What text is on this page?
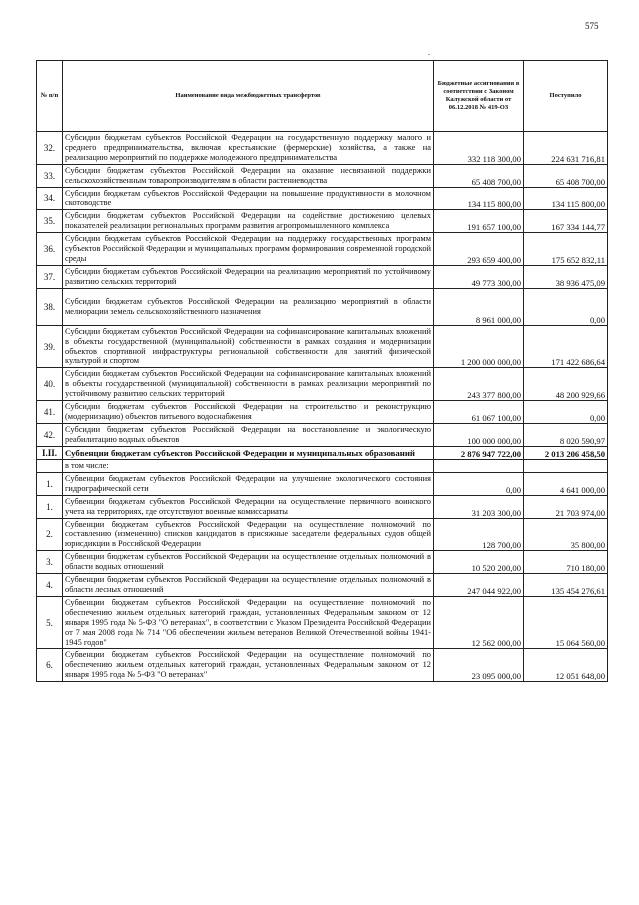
575
.
№ п/п	Наименование вида межбюджетных трансфертов	Бюджетные ассигнования в соответствии с Законом Калужской области от 06.12.2018 № 419-ОЗ	Поступило
32.	Субсидии бюджетам субъектов Российской Федерации на государственную поддержку малого и среднего предпринимательства, включая крестьянские (фермерские) хозяйства, а также на реализацию мероприятий по поддержке молодежного предпринимательства	332 118 300,00	224 631 716,81
33.	Субсидии бюджетам субъектов Российской Федерации на оказание несвязанной поддержки сельскохозяйственным товаропроизводителям в области растениеводства	65 408 700,00	65 408 700,00
34.	Субсидии бюджетам субъектов Российской Федерации на повышение продуктивности в молочном скотоводстве	134 115 800,00	134 115 800,00
35.	Субсидии бюджетам субъектов Российской Федерации на содействие достижению целевых показателей реализации региональных программ развития агропромышленного комплекса	191 657 100,00	167 334 144,77
36.	Субсидии бюджетам субъектов Российской Федерации на поддержку государственных программ субъектов Российской Федерации и муниципальных программ формирования современной городской среды	293 659 400,00	175 652 832,11
37.	Субсидии бюджетам субъектов Российской Федерации на реализацию мероприятий по устойчивому развитию сельских территорий	49 773 300,00	38 936 475,09
38.	Субсидии бюджетам субъектов Российской Федерации на реализацию мероприятий в области мелиорации земель сельскохозяйственного назначения	8 961 000,00	0,00
39.	Субсидии бюджетам субъектов Российской Федерации на софинансирование капитальных вложений в объекты государственной (муниципальной) собственности в рамках создания и модернизации объектов спортивной инфраструктуры региональной собственности для занятий физической культурой и спортом	1 200 000 000,00	171 422 686,64
40.	Субсидии бюджетам субъектов Российской Федерации на софинансирование капитальных вложений в объекты государственной (муниципальной) собственности в рамках реализации мероприятий по устойчивому развитию сельских территорий	243 377 800,00	48 200 929,66
41.	Субсидии бюджетам субъектов Российской Федерации на строительство и реконструкцию (модернизацию) объектов питьевого водоснабжения	61 067 100,00	0,00
42.	Субсидии бюджетам субъектов Российской Федерации на восстановление и экологическую реабилитацию водных объектов	100 000 000,00	8 020 590,97
I.II.	Субвенции бюджетам субъектов Российской Федерации и муниципальных образований	2 876 947 722,00	2 013 206 458,50
	в том числе:		
1.	Субвенции бюджетам субъектов Российской Федерации на улучшение экологического состояния гидрографической сети	0,00	4 641 000,00
1.	Субвенции бюджетам субъектов Российской Федерации на осуществление первичного воинского учета на территориях, где отсутствуют военные комиссариаты	31 203 300,00	21 703 974,00
2.	Субвенции бюджетам субъектов Российской Федерации на осуществление полномочий по составлению (изменению) списков кандидатов в присяжные заседатели федеральных судов общей юрисдикции в Российской Федерации	128 700,00	35 800,00
3.	Субвенции бюджетам субъектов Российской Федерации на осуществление отдельных полномочий в области водных отношений	10 520 200,00	710 180,00
4.	Субвенции бюджетам субъектов Российской Федерации на осуществление отдельных полномочий в области лесных отношений	247 044 922,00	135 454 276,61
5.	Субвенции бюджетам субъектов Российской Федерации на осуществление полномочий по обеспечению жильем отдельных категорий граждан, установленных Федеральным законом от 12 января 1995 года № 5-ФЗ "О ветеранах", в соответствии с Указом Президента Российской Федерации от 7 мая 2008 года № 714 "Об обеспечении жильем ветеранов Великой Отечественной войны 1941-1945 годов"	12 562 000,00	15 064 560,00
6.	Субвенции бюджетам субъектов Российской Федерации на осуществление полномочий по обеспечению жильем отдельных категорий граждан, установленных Федеральным законом от 12 января 1995 года № 5-ФЗ "О ветеранах"	23 095 000,00	12 051 648,00
